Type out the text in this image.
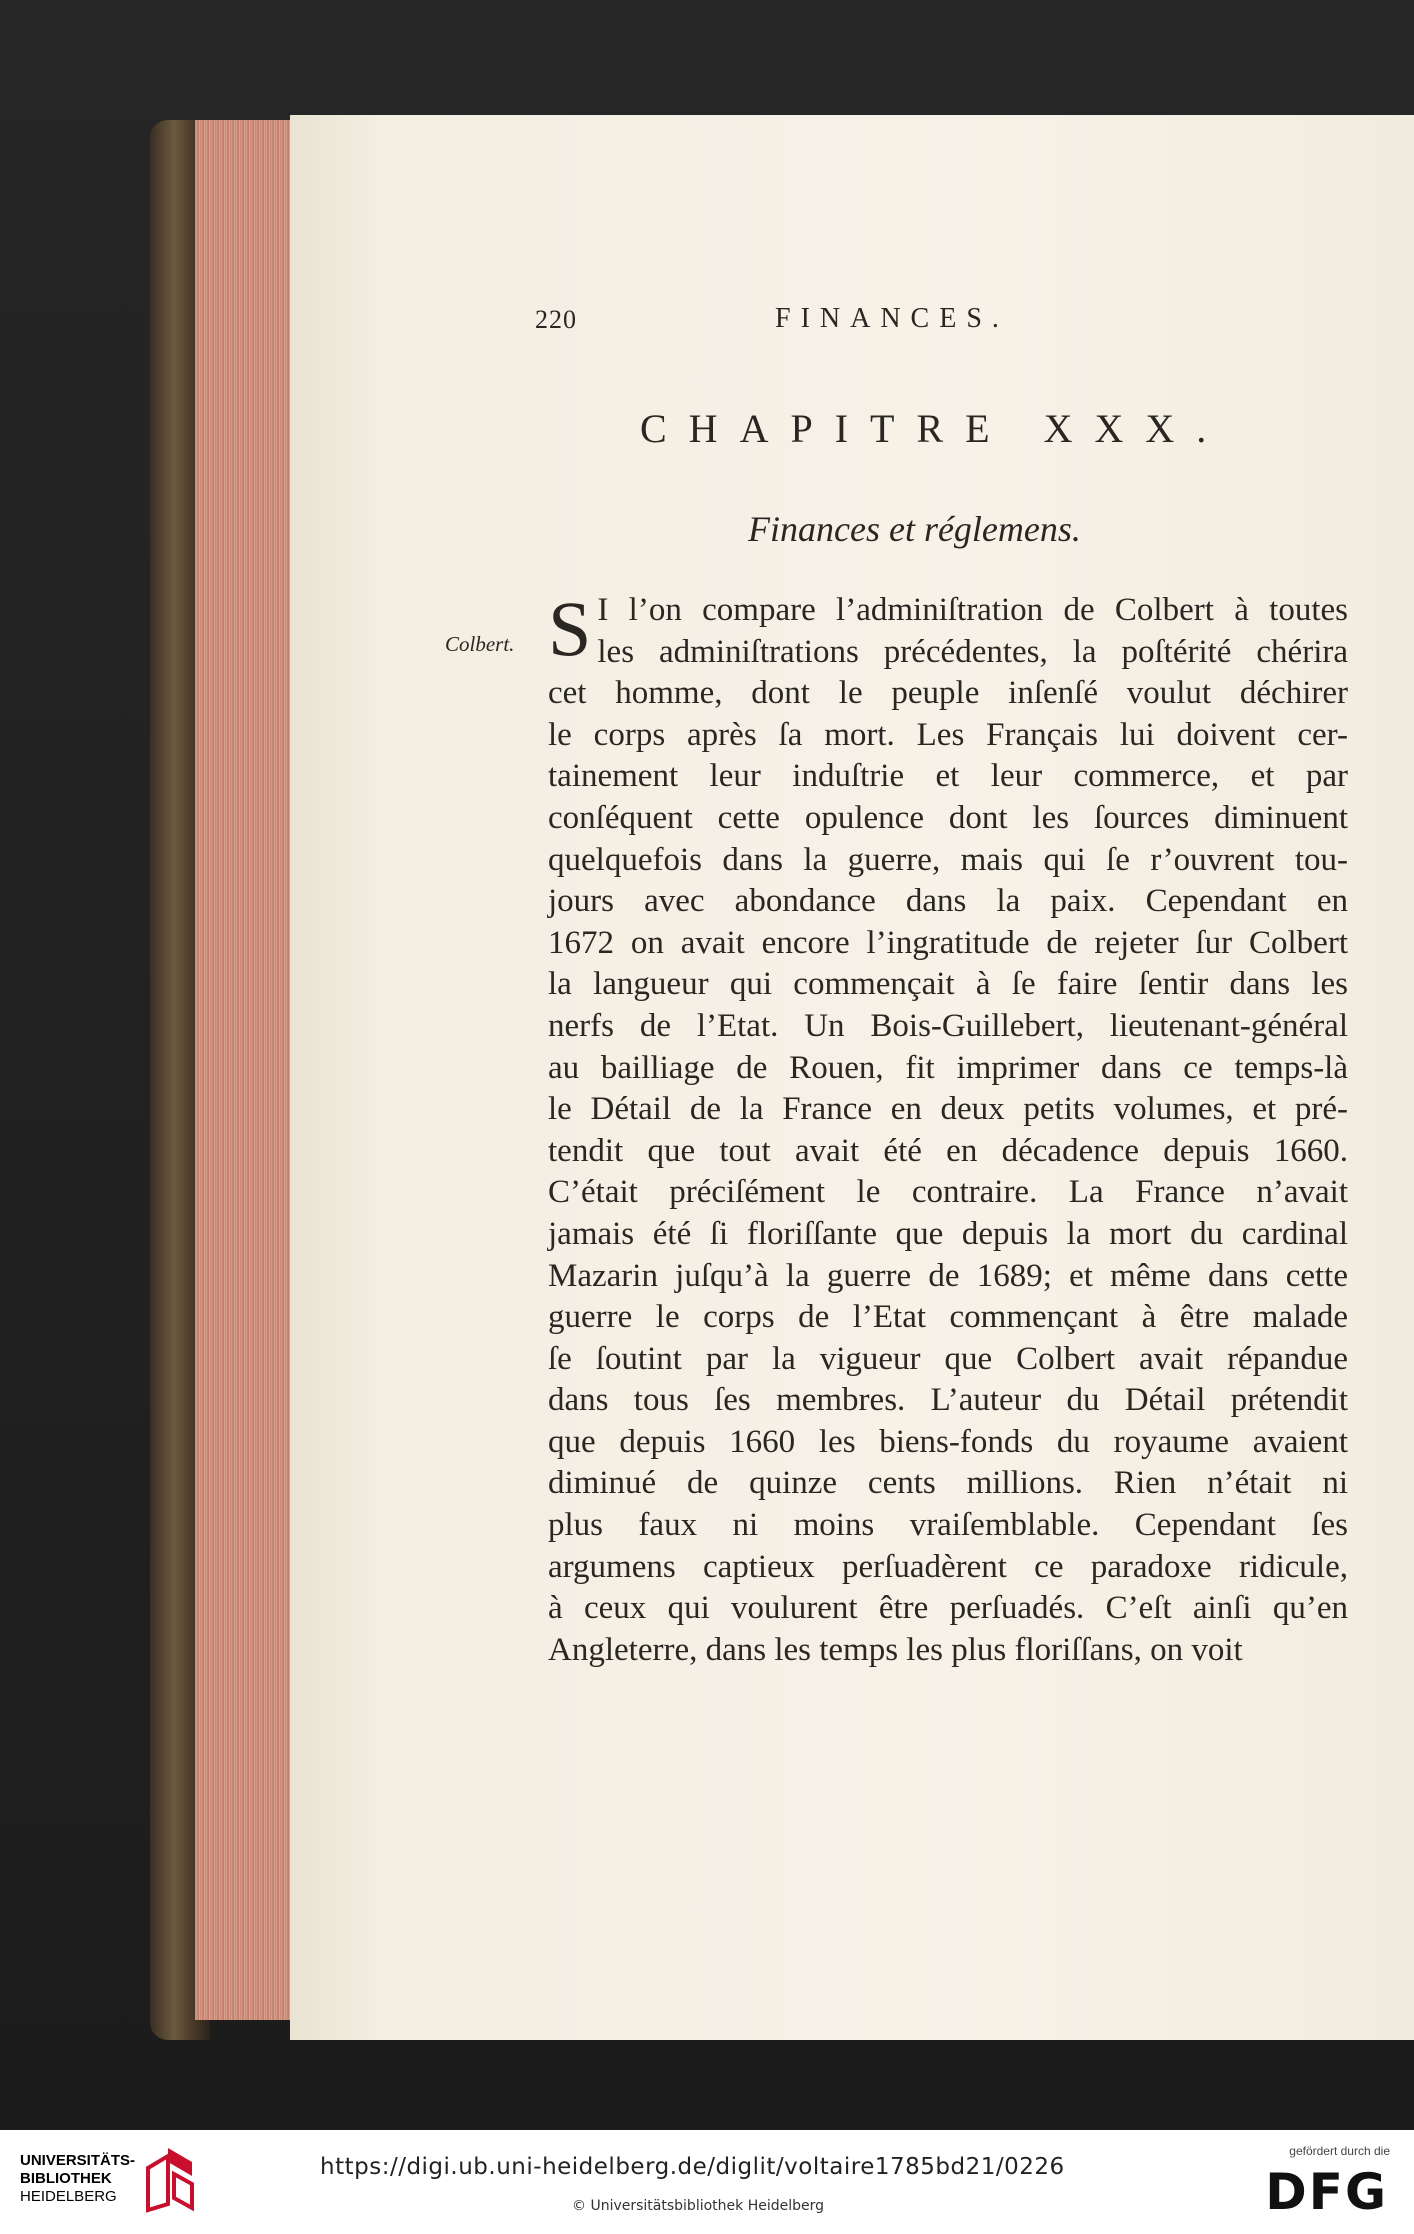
220	FINANCES.
CHAPITRE XXX.
Finances et réglemens.
Colbert. S I l’on compare l’adminiſtration de Colbert à toutes
les adminiſtrations précédentes, la poſtérité chérira
cet homme, dont le peuple inſenſé voulut déchirer
le corps après ſa mort. Les Français lui doivent cer-
tainement leur induſtrie et leur commerce, et par
conſéquent cette opulence dont les ſources diminuent
quelquefois dans la guerre, mais qui ſe r’ouvrent tou-
jours avec abondance dans la paix. Cependant en
1672 on avait encore l’ingratitude de rejeter ſur Colbert
la langueur qui commençait à ſe faire ſentir dans les
nerfs de l’Etat. Un Bois-Guillebert, lieutenant-général
au bailliage de Rouen, fit imprimer dans ce temps-là
le Détail de la France en deux petits volumes, et pré-
tendit que tout avait été en décadence depuis 1660.
C’était préciſément le contraire. La France n’avait
jamais été ſi floriſſante que depuis la mort du cardinal
Mazarin juſqu’à la guerre de 1689; et même dans cette
guerre le corps de l’Etat commençant à être malade
ſe ſoutint par la vigueur que Colbert avait répandue
dans tous ſes membres. L’auteur du Détail prétendit
que depuis 1660 les biens-fonds du royaume avaient
diminué de quinze cents millions. Rien n’était ni
plus faux ni moins vraiſemblable. Cependant ſes
argumens captieux perſuadèrent ce paradoxe ridicule,
à ceux qui voulurent être perſuadés. C’eſt ainſi qu’en
Angleterre, dans les temps les plus floriſſans, on voit
UNIVERSITÄTS-
BIBLIOTHEK
HEIDELBERG
https://digi.ub.uni-heidelberg.de/diglit/voltaire1785bd21/0226
© Universitätsbibliothek Heidelberg
gefördert durch die
DFG
